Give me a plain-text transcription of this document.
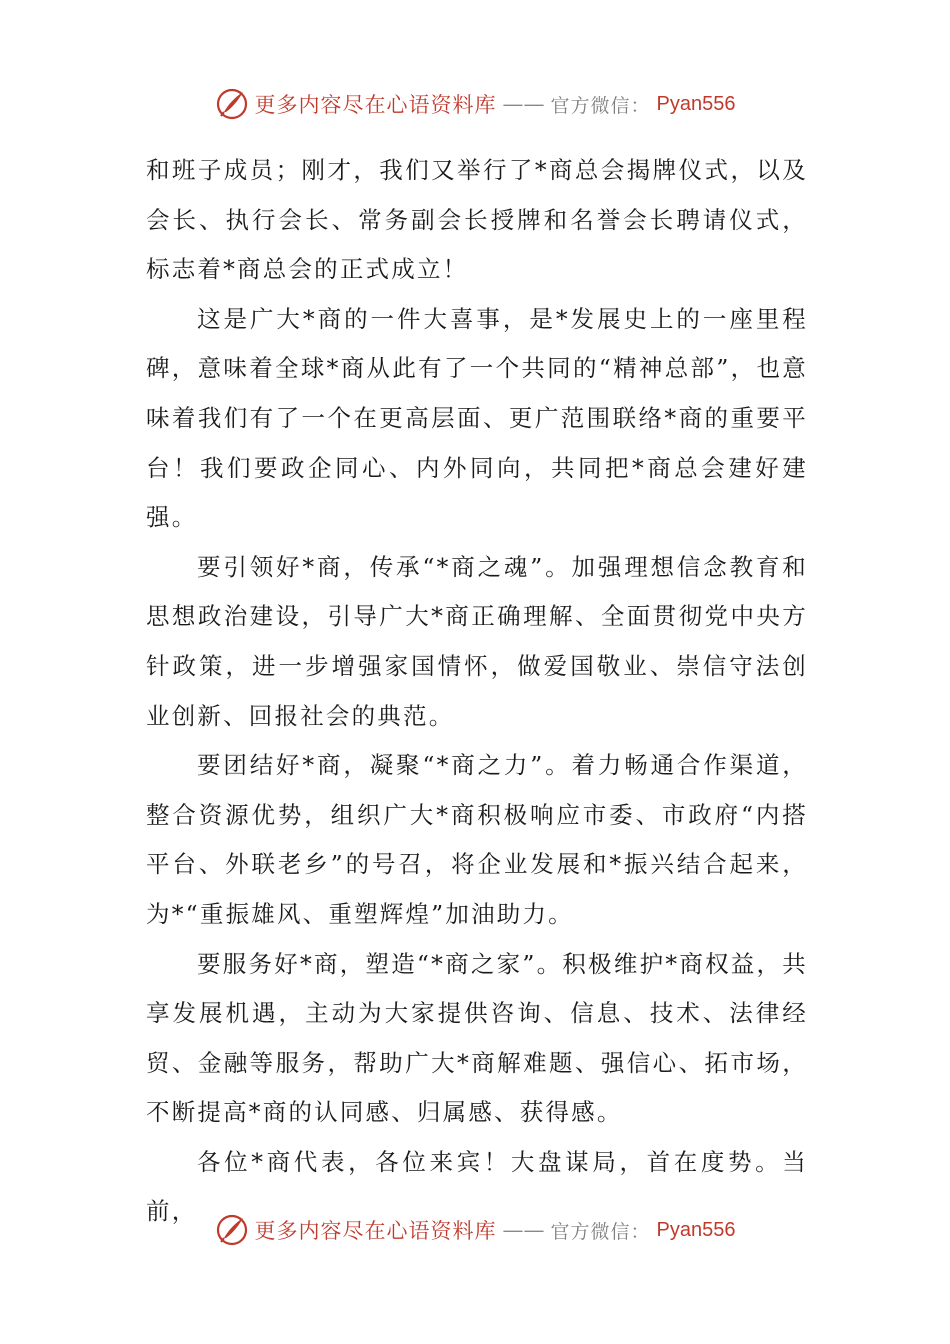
更多内容尽在心语资料库 —— 官方微信： Pyan556

和班子成员；刚才，我们又举行了*商总会揭牌仪式，以及会长、执行会长、常务副会长授牌和名誉会长聘请仪式，标志着*商总会的正式成立！

这是广大*商的一件大喜事，是*发展史上的一座里程碑，意味着全球*商从此有了一个共同的“精神总部”，也意味着我们有了一个在更高层面、更广范围联络*商的重要平台！我们要政企同心、内外同向，共同把*商总会建好建强。

要引领好*商，传承“*商之魂”。加强理想信念教育和思想政治建设，引导广大*商正确理解、全面贯彻党中央方针政策，进一步增强家国情怀，做爱国敬业、崇信守法创业创新、回报社会的典范。

要团结好*商，凝聚“*商之力”。着力畅通合作渠道，整合资源优势，组织广大*商积极响应市委、市政府“内搭平台、外联老乡”的号召，将企业发展和*振兴结合起来，为*“重振雄风、重塑辉煌”加油助力。

要服务好*商，塑造“*商之家”。积极维护*商权益，共享发展机遇，主动为大家提供咨询、信息、技术、法律经贸、金融等服务，帮助广大*商解难题、强信心、拓市场，不断提高*商的认同感、归属感、获得感。

各位*商代表，各位来宾！大盘谋局，首在度势。当前，

更多内容尽在心语资料库 —— 官方微信： Pyan556
